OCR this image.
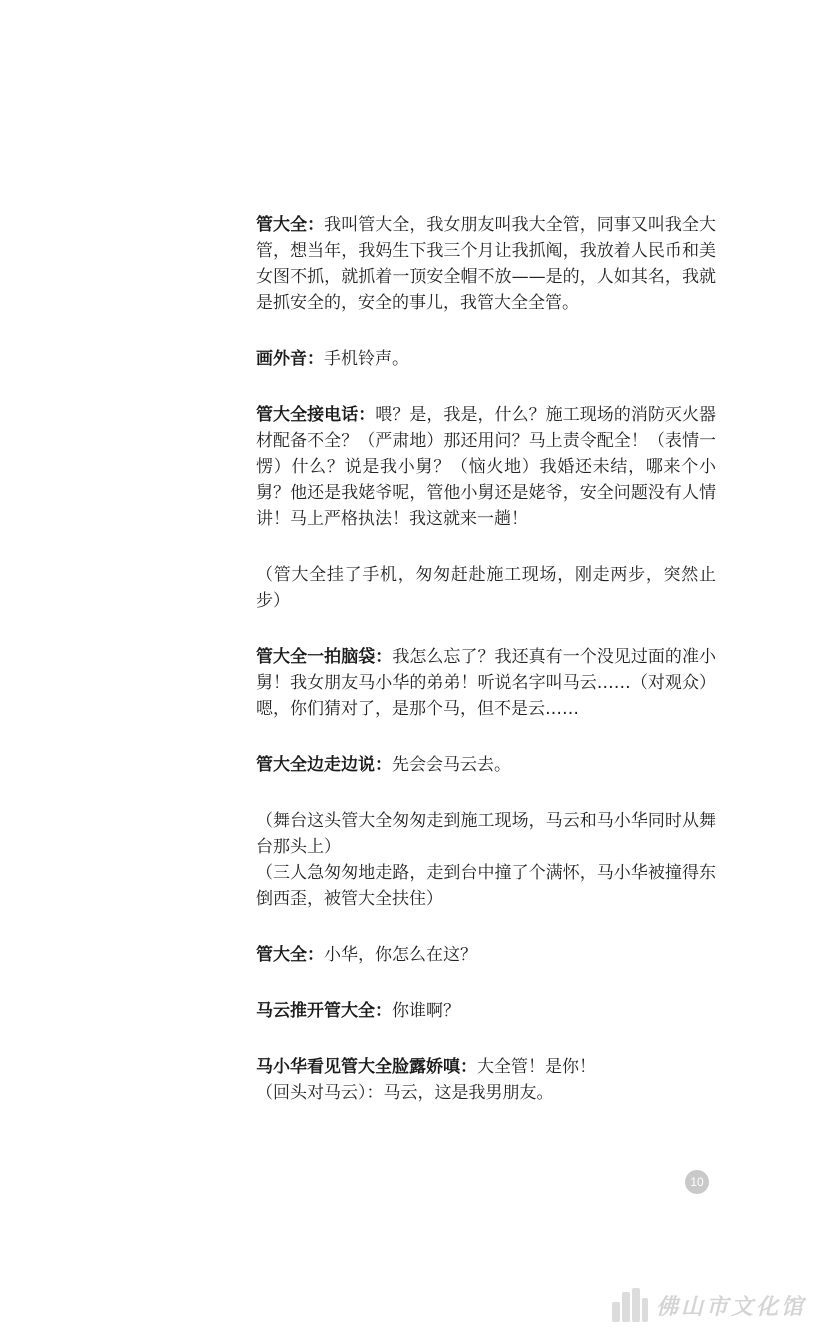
管大全：我叫管大全，我女朋友叫我大全管，同事又叫我全大管，想当年，我妈生下我三个月让我抓阄，我放着人民币和美女图不抓，就抓着一顶安全帽不放——是的，人如其名，我就是抓安全的，安全的事儿，我管大全全管。

画外音：手机铃声。

管大全接电话：喂？是，我是，什么？施工现场的消防灭火器材配备不全？（严肃地）那还用问？马上责令配全！（表情一愣）什么？说是我小舅？（恼火地）我婚还未结，哪来个小舅？他还是我姥爷呢，管他小舅还是姥爷，安全问题没有人情讲！马上严格执法！我这就来一趟！

（管大全挂了手机，匆匆赶赴施工现场，刚走两步，突然止步）

管大全一拍脑袋：我怎么忘了？我还真有一个没见过面的准小舅！我女朋友马小华的弟弟！听说名字叫马云……（对观众）嗯，你们猜对了，是那个马，但不是云……

管大全边走边说：先会会马云去。

（舞台这头管大全匆匆走到施工现场，马云和马小华同时从舞台那头上）

（三人急匆匆地走路，走到台中撞了个满怀，马小华被撞得东倒西歪，被管大全扶住）

管大全：小华，你怎么在这？

马云推开管大全：你谁啊？

马小华看见管大全脸露娇嗔：大全管！是你！

（回头对马云）：马云，这是我男朋友。

10
佛山市文化馆
